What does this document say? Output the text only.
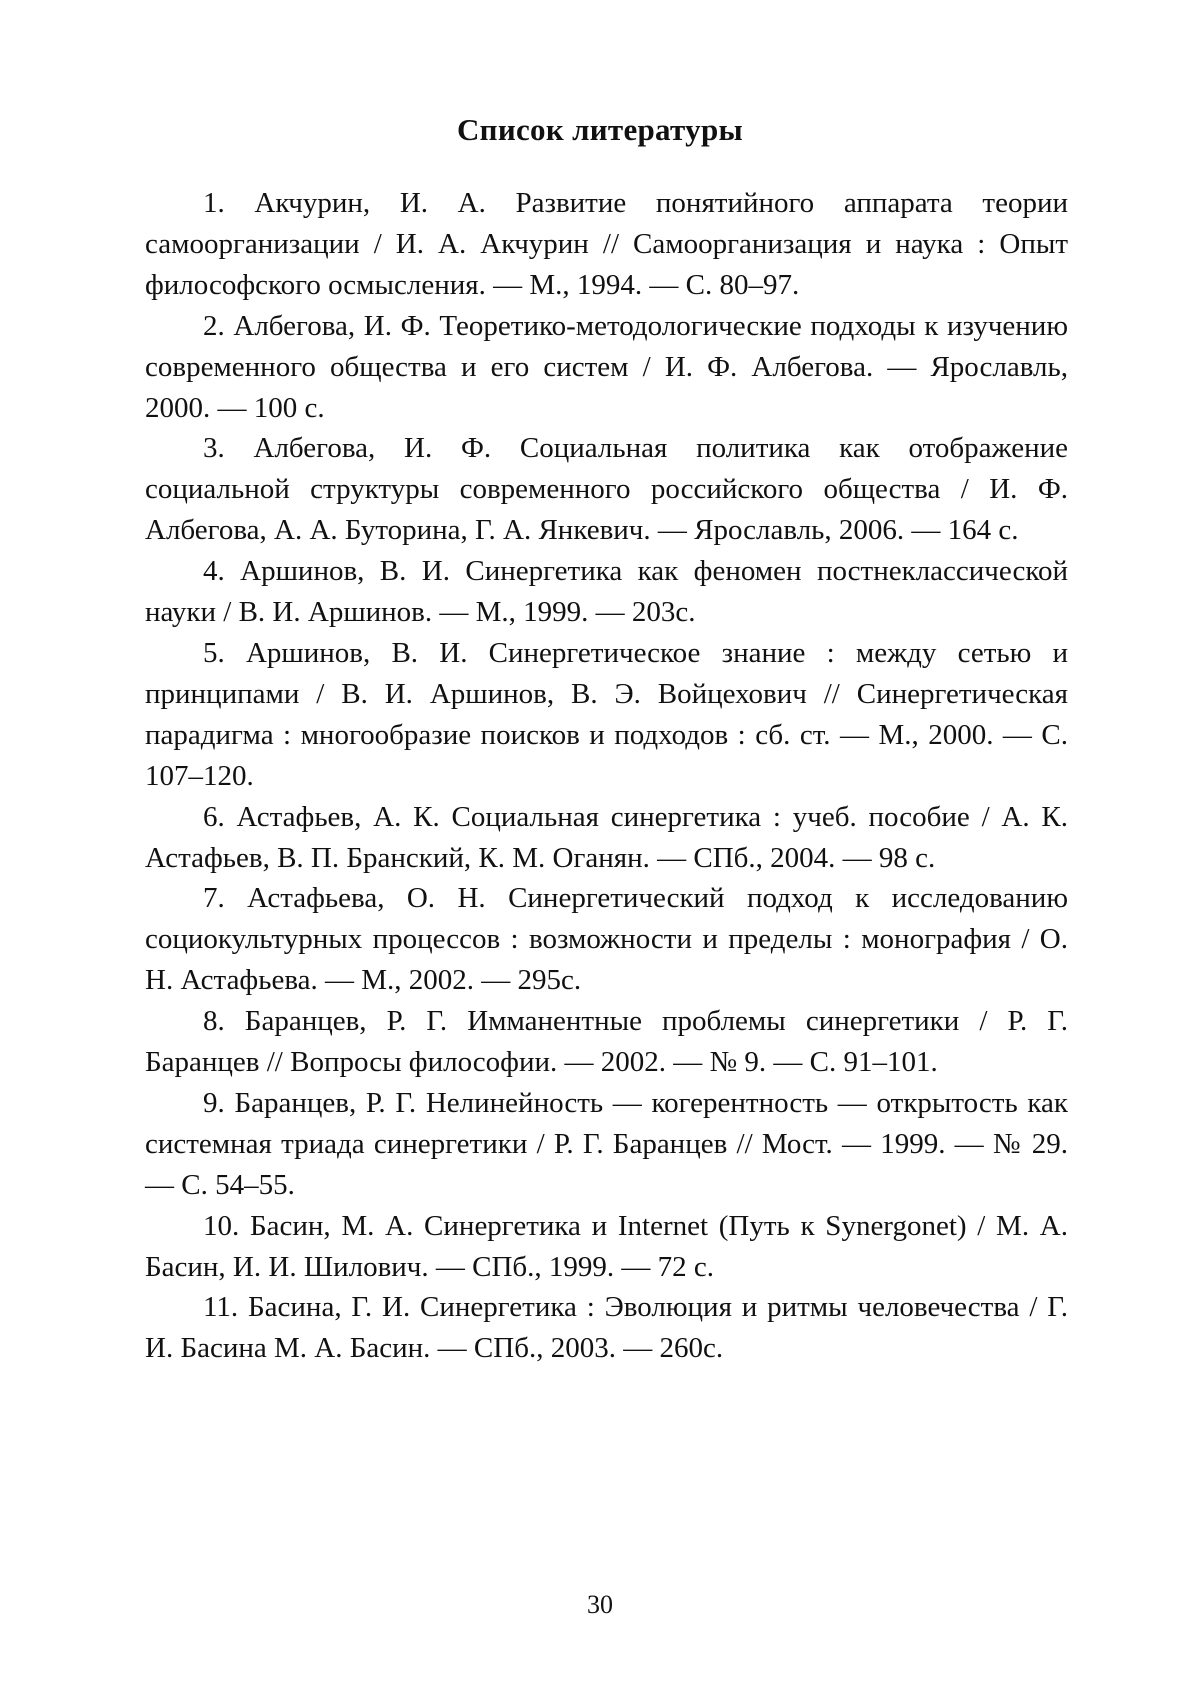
Список литературы
1. Акчурин, И. А. Развитие понятийного аппарата теории самоорганизации / И. А. Акчурин // Самоорганизация и наука : Опыт философского осмысления. — М., 1994. — С. 80–97.
2. Албегова, И. Ф. Теоретико-методологические подходы к изучению современного общества и его систем / И. Ф. Албегова. — Ярославль, 2000. — 100 с.
3. Албегова, И. Ф. Социальная политика как отображение социальной структуры современного российского общества / И. Ф. Албегова, А. А. Буторина, Г. А. Янкевич. — Ярославль, 2006. — 164 с.
4. Аршинов, В. И. Синергетика как феномен постнеклассической науки / В. И. Аршинов. — М., 1999. — 203с.
5. Аршинов, В. И. Синергетическое знание : между сетью и принципами / В. И. Аршинов, В. Э. Войцехович // Синергетическая парадигма : многообразие поисков и подходов : сб. ст. — М., 2000. — С. 107–120.
6. Астафьев, А. К. Социальная синергетика : учеб. пособие / А. К. Астафьев, В. П. Бранский, К. М. Оганян. — СПб., 2004. — 98 с.
7. Астафьева, О. Н. Синергетический подход к исследованию социокультурных процессов : возможности и пределы : монография / О. Н. Астафьева. — М., 2002. — 295с.
8. Баранцев, Р. Г. Имманентные проблемы синергетики / Р. Г. Баранцев // Вопросы философии. — 2002. — № 9. — С. 91–101.
9. Баранцев, Р. Г. Нелинейность — когерентность — открытость как системная триада синергетики / Р. Г. Баранцев // Мост. — 1999. — № 29. — С. 54–55.
10. Басин, М. А. Синергетика и Internet (Путь к Synergonet) / М. А. Басин, И. И. Шилович. — СПб., 1999. — 72 с.
11. Басина, Г. И. Синергетика : Эволюция и ритмы человечества / Г. И. Басина М. А. Басин. — СПб., 2003. — 260с.
30
